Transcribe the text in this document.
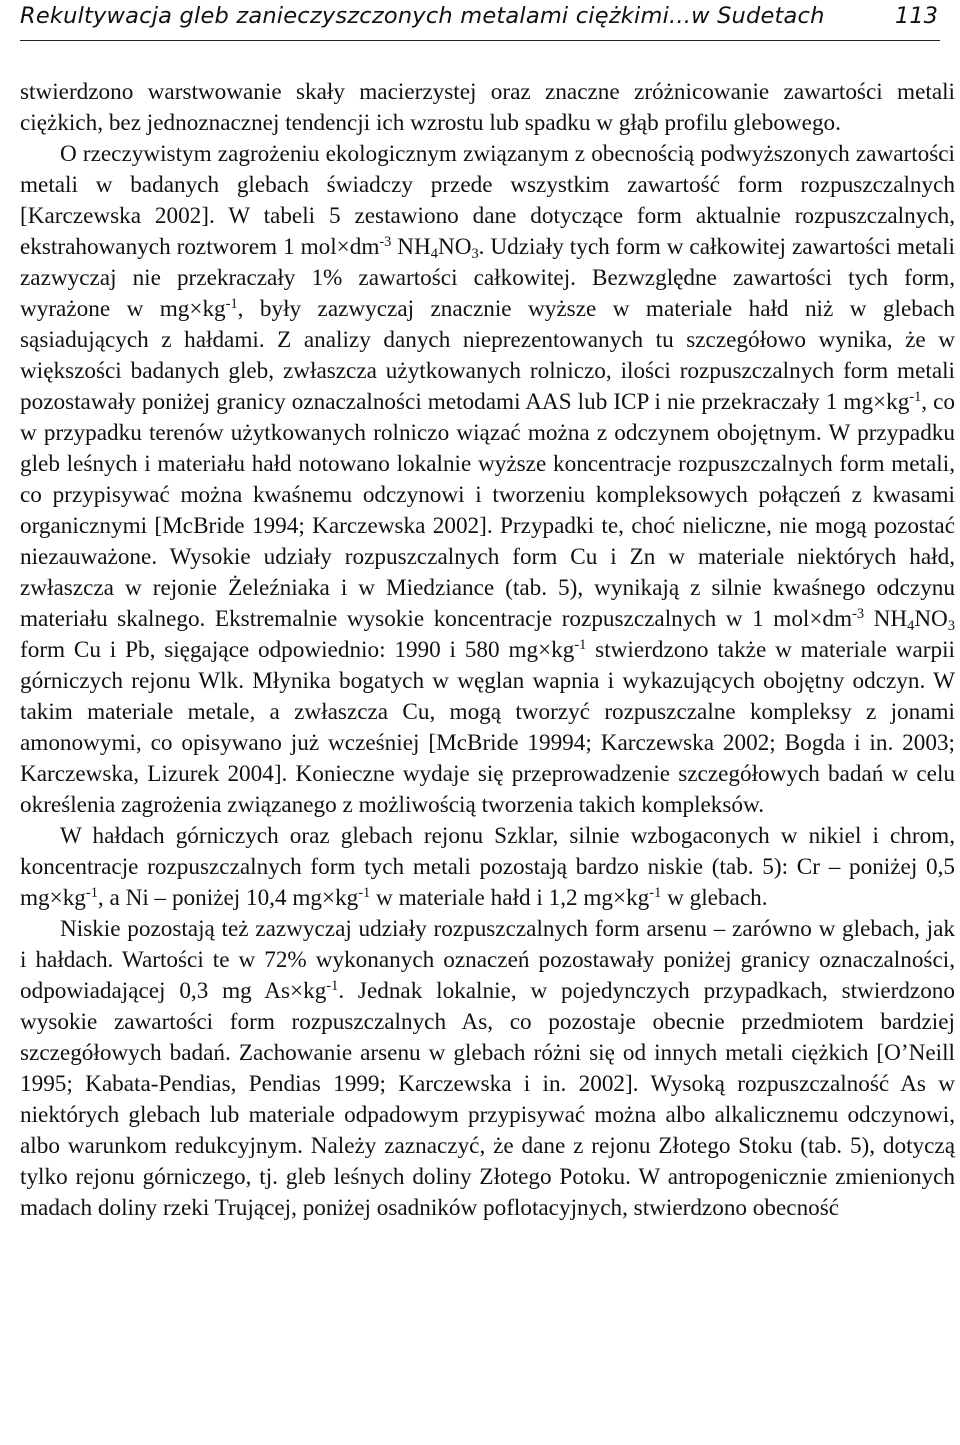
Rekultywacja gleb zanieczyszczonych metalami ciężkimi...w Sudetach	113

stwierdzono warstwowanie skały macierzystej oraz znaczne zróżnicowanie zawartości metali ciężkich, bez jednoznacznej tendencji ich wzrostu lub spadku w głąb profilu glebowego.

O rzeczywistym zagrożeniu ekologicznym związanym z obecnością podwyższonych zawartości metali w badanych glebach świadczy przede wszystkim zawartość form rozpuszczalnych [Karczewska 2002]. W tabeli 5 zestawiono dane dotyczące form aktualnie rozpuszczalnych, ekstrahowanych roztworem 1 $mol\times dm^{-3}$ $NH_4NO_3$. Udziały tych form w całkowitej zawartości metali zazwyczaj nie przekraczały 1% zawartości całkowitej. Bezwzględne zawartości tych form, wyrażone w $mg\times kg^{-1}$, były zazwyczaj znacznie wyższe w materiale hałd niż w glebach sąsiadujących z hałdami. Z analizy danych nieprezentowanych tu szczegółowo wynika, że w większości badanych gleb, zwłaszcza użytkowanych rolniczo, ilości rozpuszczalnych form metali pozostawały poniżej granicy oznaczalności metodami AAS lub ICP i nie przekraczały 1 $mg\times kg^{-1}$, co w przypadku terenów użytkowanych rolniczo wiązać można z odczynem obojętnym. W przypadku gleb leśnych i materiału hałd notowano lokalnie wyższe koncentracje rozpuszczalnych form metali, co przypisywać można kwaśnemu odczynowi i tworzeniu kompleksowych połączeń z kwasami organicznymi [McBride 1994; Karczewska 2002]. Przypadki te, choć nieliczne, nie mogą pozostać niezauważone. Wysokie udziały rozpuszczalnych form Cu i Zn w materiale niektórych hałd, zwłaszcza w rejonie Żeleźniaka i w Miedziance (tab. 5), wynikają z silnie kwaśnego odczynu materiału skalnego. Ekstremalnie wysokie koncentracje rozpuszczalnych w 1 $mol\times dm^{-3}$ $NH_4NO_3$ form Cu i Pb, sięgające odpowiednio: 1990 i 580 $mg\times kg^{-1}$ stwierdzono także w materiale warpii górniczych rejonu Wlk. Młynika bogatych w węglan wapnia i wykazujących obojętny odczyn. W takim materiale metale, a zwłaszcza Cu, mogą tworzyć rozpuszczalne kompleksy z jonami amonowymi, co opisywano już wcześniej [McBride 19994; Karczewska 2002; Bogda i in. 2003; Karczewska, Lizurek 2004]. Konieczne wydaje się przeprowadzenie szczegółowych badań w celu określenia zagrożenia związanego z możliwością tworzenia takich kompleksów.

W hałdach górniczych oraz glebach rejonu Szklar, silnie wzbogaconych w nikiel i chrom, koncentracje rozpuszczalnych form tych metali pozostają bardzo niskie (tab. 5): Cr – poniżej 0,5 $mg\times kg^{-1}$, a Ni – poniżej 10,4 $mg\times kg^{-1}$ w materiale hałd i 1,2 $mg\times kg^{-1}$ w glebach.

Niskie pozostają też zazwyczaj udziały rozpuszczalnych form arsenu – zarówno w glebach, jak i hałdach. Wartości te w 72% wykonanych oznaczeń pozostawały poniżej granicy oznaczalności, odpowiadającej 0,3 mg $As\times kg^{-1}$. Jednak lokalnie, w pojedynczych przypadkach, stwierdzono wysokie zawartości form rozpuszczalnych As, co pozostaje obecnie przedmiotem bardziej szczegółowych badań. Zachowanie arsenu w glebach różni się od innych metali ciężkich [O’Neill 1995; Kabata-Pendias, Pendias 1999; Karczewska i in. 2002]. Wysoką rozpuszczalność As w niektórych glebach lub materiale odpadowym przypisywać można albo alkalicznemu odczynowi, albo warunkom redukcyjnym. Należy zaznaczyć, że dane z rejonu Złotego Stoku (tab. 5), dotyczą tylko rejonu górniczego, tj. gleb leśnych doliny Złotego Potoku. W antropogenicznie zmienionych madach doliny rzeki Trującej, poniżej osadników poflotacyjnych, stwierdzono obecność
